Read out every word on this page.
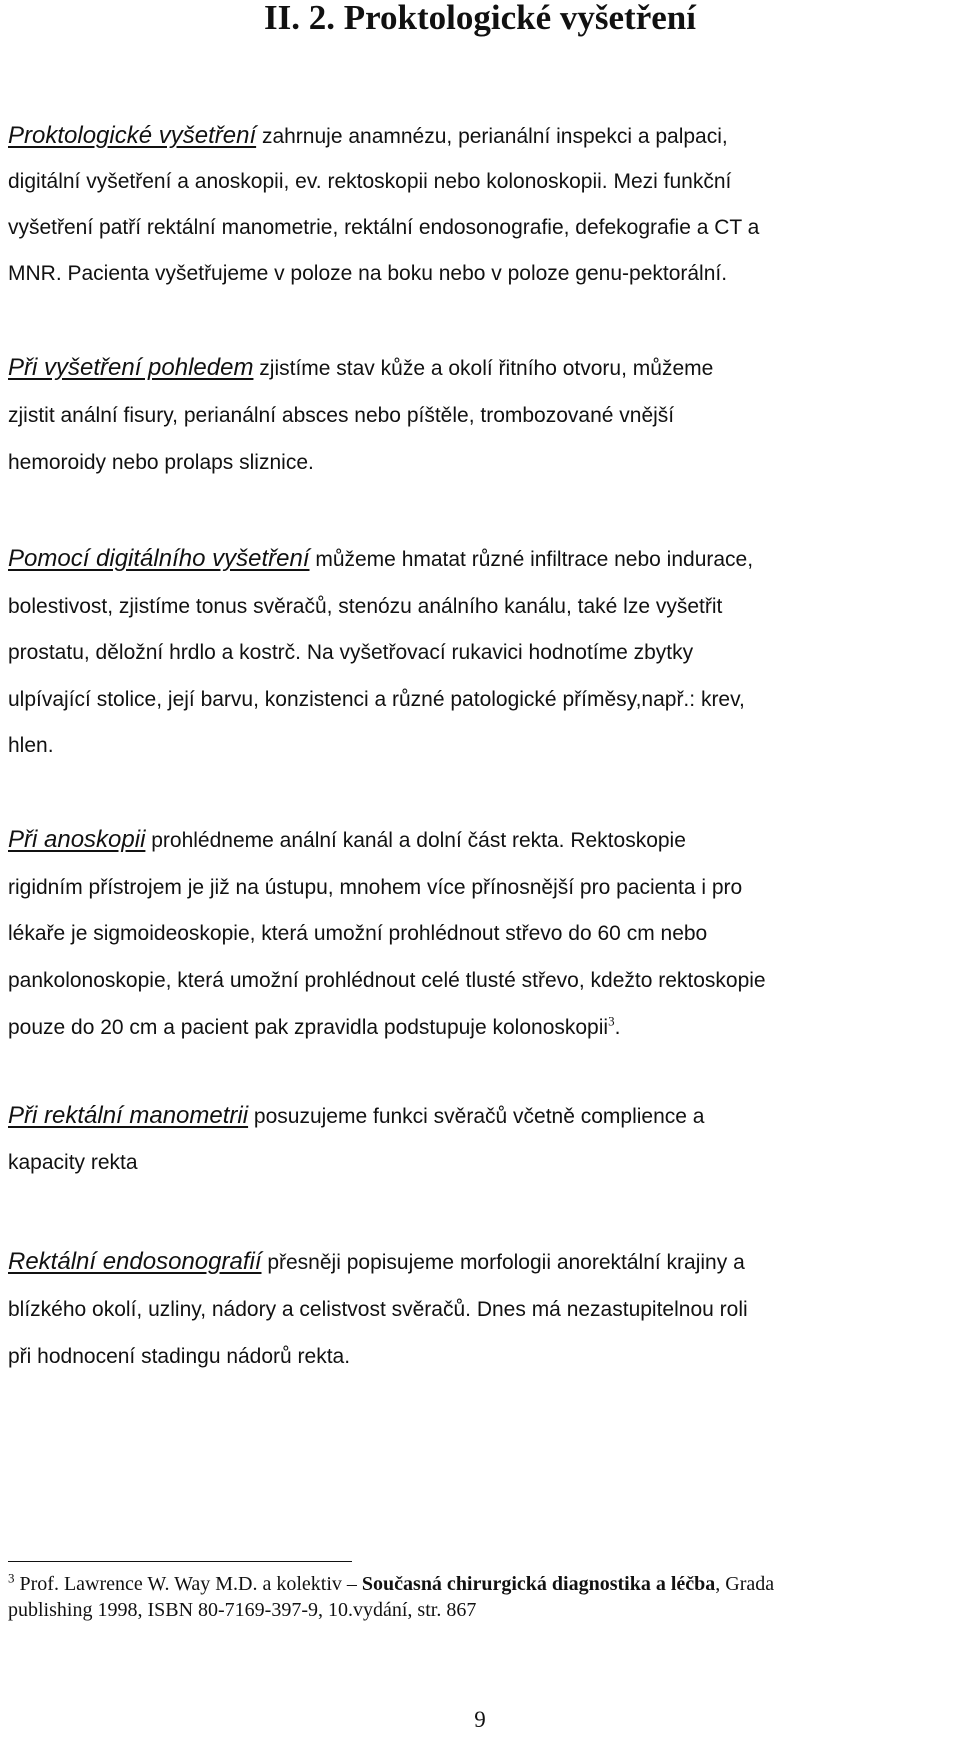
II. 2. Proktologické vyšetření

Proktologické vyšetření zahrnuje anamnézu, perianální inspekci a palpaci,
digitální vyšetření a anoskopii, ev. rektoskopii nebo kolonoskopii. Mezi funkční
vyšetření patří rektální manometrie, rektální endosonografie, defekografie a CT a
MNR. Pacienta vyšetřujeme v poloze na boku nebo v poloze genu-pektorální.

Při vyšetření pohledem zjistíme stav kůže a okolí řitního otvoru, můžeme
zjistit anální fisury, perianální absces nebo píštěle, trombozované vnější
hemoroidy nebo prolaps sliznice.

Pomocí digitálního vyšetření můžeme hmatat různé infiltrace nebo indurace,
bolestivost, zjistíme tonus svěračů, stenózu análního kanálu, také lze vyšetřit
prostatu, děložní hrdlo a kostrč. Na vyšetřovací rukavici hodnotíme zbytky
ulpívající stolice, její barvu, konzistenci a různé patologické příměsy,např.: krev,
hlen.

Při anoskopii prohlédneme anální kanál a dolní část rekta. Rektoskopie
rigidním přístrojem je již na ústupu, mnohem více přínosnější pro pacienta i pro
lékaře je sigmoideoskopie, která umožní prohlédnout střevo do 60 cm nebo
pankolonoskopie, která umožní prohlédnout celé tlusté střevo, kdežto rektoskopie
pouze do 20 cm a pacient pak zpravidla podstupuje kolonoskopii$^3$.

Při rektální manometrii posuzujeme funkci svěračů včetně complience a
kapacity rekta

Rektální endosonografií přesněji popisujeme morfologii anorektální krajiny a
blízkého okolí, uzliny, nádory a celistvost svěračů. Dnes má nezastupitelnou roli
při hodnocení stadingu nádorů rekta.

$^3$ Prof. Lawrence W. Way M.D. a kolektiv – Současná chirurgická diagnostika a léčba, Grada
publishing 1998, ISBN 80-7169-397-9, 10.vydání, str. 867

9
